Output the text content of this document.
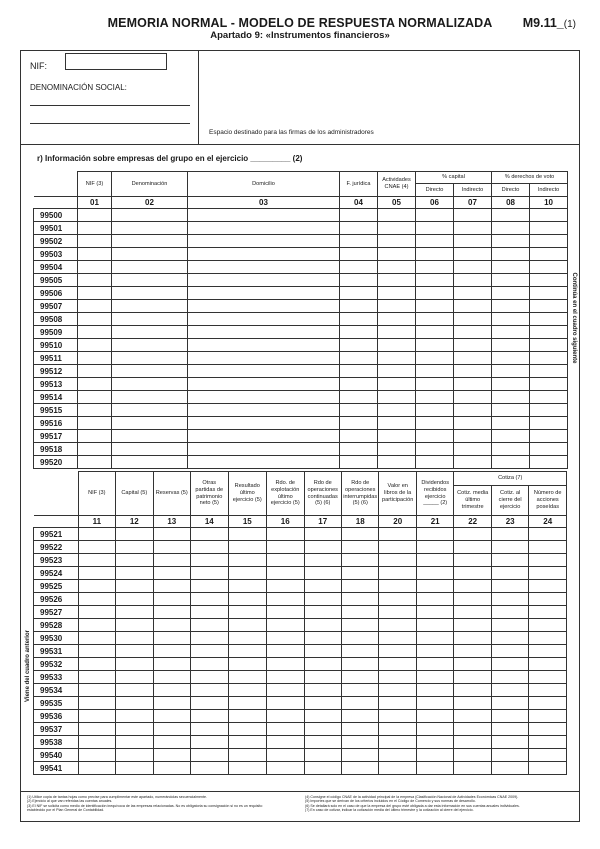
MEMORIA NORMAL - MODELO DE RESPUESTA NORMALIZADA
Apartado 9: «Instrumentos financieros»
M9.11_(1)
NIF:
DENOMINACIÓN SOCIAL:
Espacio destinado para las firmas de los administradores
r) Información sobre empresas del grupo en el ejercicio _________ (2)
	NIF (3)	Denominación	Domicilio	F. jurídica	Actividades CNAE (4)	% capital		% derechos de voto	
						Directo	Indirecto	Directo	Indirecto
	01	02	03	04	05	06	07	08	10
99500									
99501									
99502									
99503									
99504									
99505									
99506									
99507									
99508									
99509									
99510									
99511									
99512									
99513									
99514									
99515									
99516									
99517									
99518									
99520									
Continúa en el cuadro siguiente
	NIF (3)	Capital (5)	Reservas (5)	Otras partidas de patrimonio neto (5)	Resultado último ejercicio (5)	Rdo. de explotación último ejercicio (5)	Rdo de operaciones continuadas (5) (6)	Rdo de operaciones interrumpidas (5) (6)	Valor en libros de la participación	Dividendos recibidos ejercicio _____ (2)	Cotiza (7)		
											Cotiz. media último trimestre	Cotiz. al cierre del ejercicio	Número de acciones poseídas
	11	12	13	14	15	16	17	18	20	21	22	23	24
99521													
99522													
99523													
99524													
99525													
99526													
99527													
99528													
99530													
99531													
99532													
99533													
99534													
99535													
99536													
99537													
99538													
99540													
99541													
Viene del cuadro anterior
(1) Utilice copia de tantas hojas como precise para cumplimentar este apartado, numerándolas secuencialmente.
(2) Ejercicio al que van referidas las cuentas anuales.
(3) El NIF se solicita como medio de identificación inequívoca de las empresas relacionadas. No es obligatoria su consignación si no es un requisito
establecido por el Plan General de Contabilidad.
(4) Consigne el código CNAE de la actividad principal de la empresa (Clasificación Nacional de Actividades Económicas CNAE 2009).
(5) Importes que se derivan de los criterios incluidos en el Código de Comercio y sus normas de desarrollo.
(6) Se detallará solo en el caso de que la empresa del grupo esté obligada a dar esta información en sus cuentas anuales individuales.
(7) En caso de cotizar, indicar la cotización media del último trimestre y la cotización al cierre del ejercicio.
